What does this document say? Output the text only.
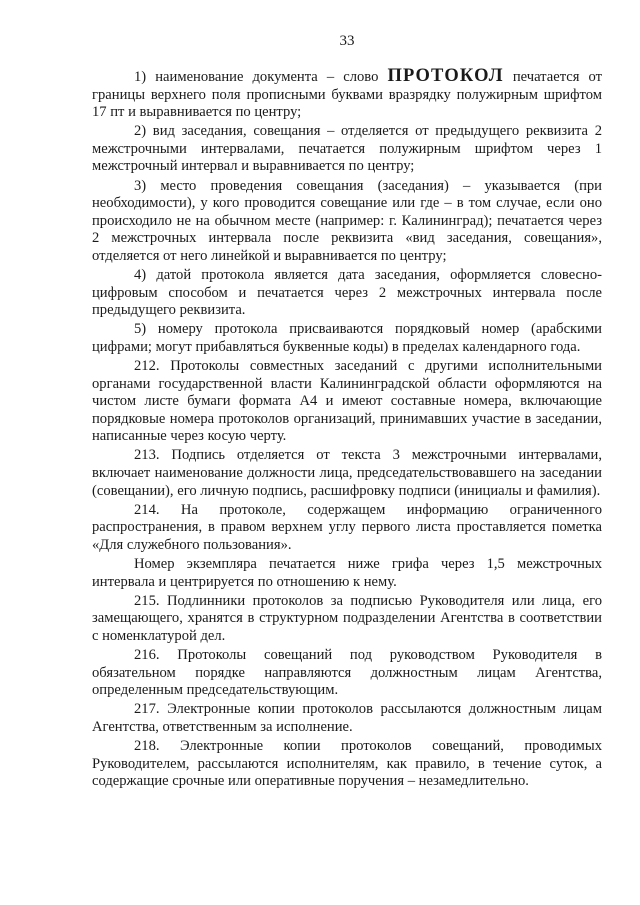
33

1) наименование документа – слово ПРОТОКОЛ печатается от границы верхнего поля прописными буквами вразрядку полужирным шрифтом 17 пт и выравнивается по центру;

2) вид заседания, совещания – отделяется от предыдущего реквизита 2 межстрочными интервалами, печатается полужирным шрифтом через 1 межстрочный интервал и выравнивается по центру;

3) место проведения совещания (заседания) – указывается (при необходимости), у кого проводится совещание или где – в том случае, если оно происходило не на обычном месте (например: г. Калининград); печатается через 2 межстрочных интервала после реквизита «вид заседания, совещания», отделяется от него линейкой и выравнивается по центру;

4) датой протокола является дата заседания, оформляется словесно-цифровым способом и печатается через 2 межстрочных интервала после предыдущего реквизита.

5) номеру протокола присваиваются порядковый номер (арабскими цифрами; могут прибавляться буквенные коды) в пределах календарного года.

212. Протоколы совместных заседаний с другими исполнительными органами государственной власти Калининградской области оформляются на чистом листе бумаги формата А4 и имеют составные номера, включающие порядковые номера протоколов организаций, принимавших участие в заседании, написанные через косую черту.

213. Подпись отделяется от текста 3 межстрочными интервалами, включает наименование должности лица, председательствовавшего на заседании (совещании), его личную подпись, расшифровку подписи (инициалы и фамилия).

214. На протоколе, содержащем информацию ограниченного распространения, в правом верхнем углу первого листа проставляется пометка «Для служебного пользования».

Номер экземпляра печатается ниже грифа через 1,5 межстрочных интервала и центрируется по отношению к нему.

215. Подлинники протоколов за подписью Руководителя или лица, его замещающего, хранятся в структурном подразделении Агентства в соответствии с номенклатурой дел.

216. Протоколы совещаний под руководством Руководителя в обязательном порядке направляются должностным лицам Агентства, определенным председательствующим.

217. Электронные копии протоколов рассылаются должностным лицам Агентства, ответственным за исполнение.

218. Электронные копии протоколов совещаний, проводимых Руководителем, рассылаются исполнителям, как правило, в течение суток, а содержащие срочные или оперативные поручения – незамедлительно.
